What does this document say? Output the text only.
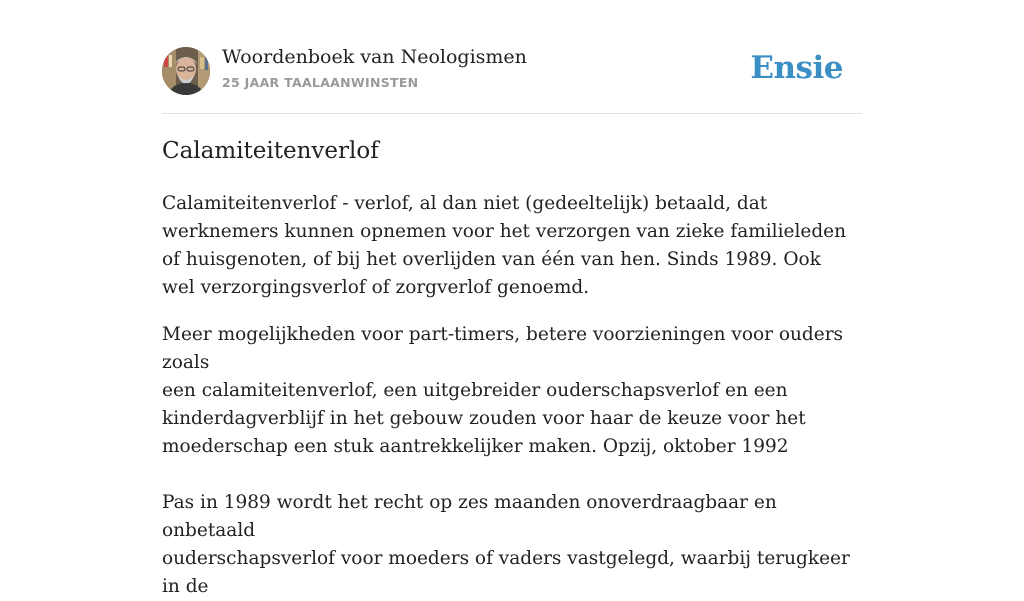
Woordenboek van Neologismen
25 JAAR TAALAANWINSTEN	Ensie
Calamiteitenverlof

Calamiteitenverlof - verlof, al dan niet (gedeeltelijk) betaald, dat werknemers kunnen opnemen voor het verzorgen van zieke familieleden of huisgenoten, of bij het overlijden van één van hen. Sinds 1989. Ook wel verzorgingsverlof of zorgverlof genoemd.

Meer mogelijkheden voor part-timers, betere voorzieningen voor ouders zoals
een calamiteitenverlof, een uitgebreider ouderschapsverlof en een
kinderdagverblijf in het gebouw zouden voor haar de keuze voor het
moederschap een stuk aantrekkelijker maken. Opzij, oktober 1992

Pas in 1989 wordt het recht op zes maanden onoverdraagbaar en onbetaald
ouderschapsverlof voor moeders of vaders vastgelegd, waarbij terugkeer in de
